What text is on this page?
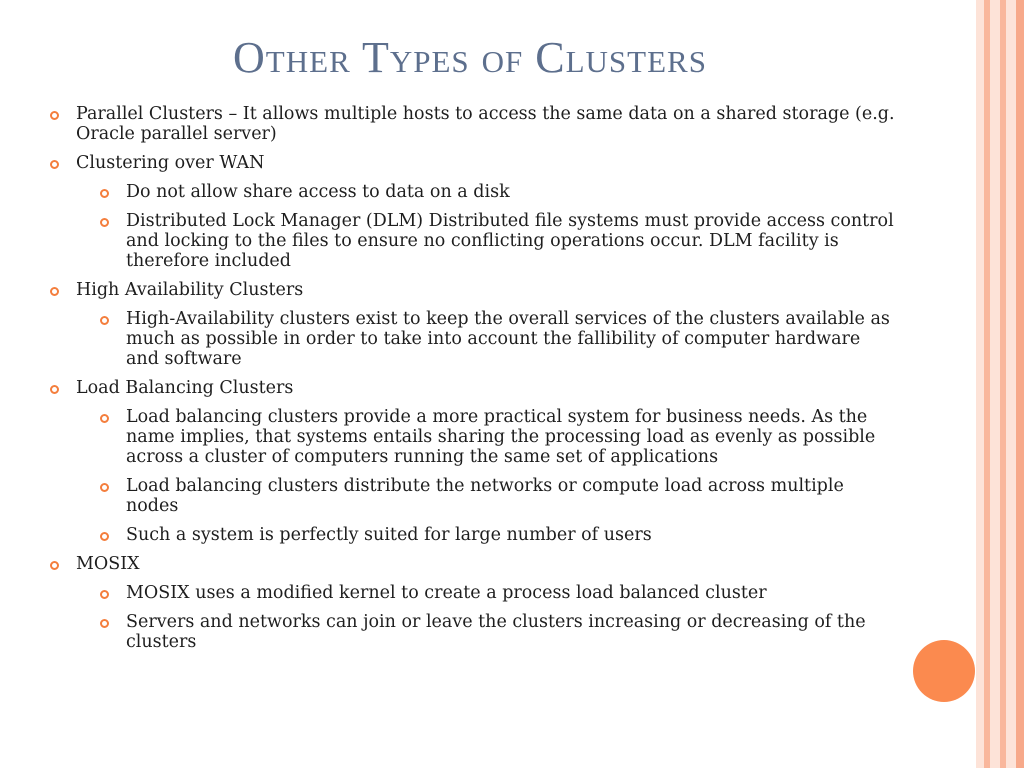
Other Types of Clusters
Parallel Clusters – It allows multiple hosts to access the same data on a shared storage (e.g. Oracle parallel server)
Clustering over WAN
Do not allow share access to data on a disk
Distributed Lock Manager (DLM) Distributed file systems must provide access control and locking to the files to ensure no conflicting operations occur. DLM facility is therefore included
High Availability Clusters
High-Availability clusters exist to keep the overall services of the clusters available as much as possible in order to take into account the fallibility of computer hardware and software
Load Balancing Clusters
Load balancing clusters provide a more practical system for business needs. As the name implies, that systems entails sharing the processing load as evenly as possible across a cluster of computers running the same set of applications
Load balancing clusters distribute the networks or compute load across multiple nodes
Such a system is perfectly suited for large number of users
MOSIX
MOSIX uses a modified kernel to create a process load balanced cluster
Servers and networks can join or leave the clusters increasing or decreasing of the clusters
